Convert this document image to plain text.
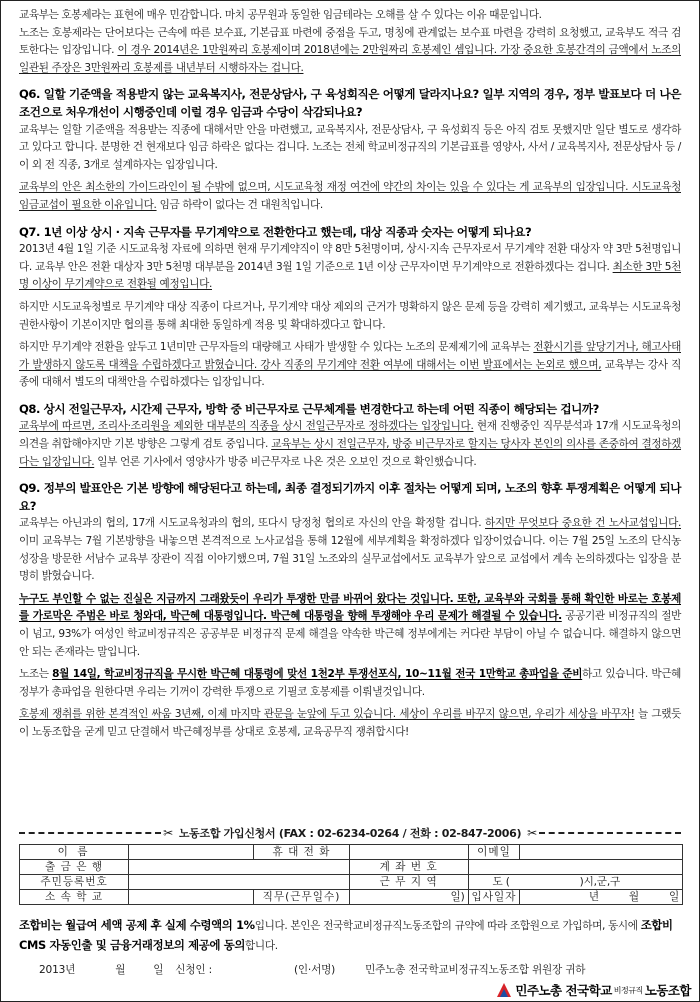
교육부는 호봉제라는 표현에 매우 민감합니다. 마치 공무원과 동일한 임금테라는 오해를 살 수 있다는 이유 때문입니다.
노조는 호봉제라는 단어보다는 근속에 따른 보수표, 기본급표 마련에 중점을 두고, 명칭에 관계없는 보수표 마련을 강력히 요청했고, 교육부도 적극 검토한다는 입장입니다. 이 경우 2014년은 1만원짜리 호봉제이며 2018년에는 2만원짜리 호봉제인 셈입니다. 가장 중요한 호봉간격의 금액에서 노조의 일관된 주장은 3만원짜리 호봉제를 내년부터 시행하자는 겁니다.

Q6. 일할 기준액을 적용받지 않는 교육복지사, 전문상담사, 구 육성회직은 어떻게 달라지나요? 일부 지역의 경우, 정부 발표보다 더 나은 조건으로 처우개선이 시행중인데 이럴 경우 임금과 수당이 삭감되나요?

교육부는 일할 기준액을 적용받는 직종에 대해서만 안을 마련했고, 교육복지사, 전문상담사, 구 육성회직 등은 아직 검토 못했지만 일단 별도로 생각하고 있다고 합니다. 분명한 건 현재보다 임금 하락은 없다는 겁니다. 노조는 전체 학교비정규직의 기본급표를 영양사, 사서 / 교육복지사, 전문상담사 등 / 이 외 전 직종, 3개로 설계하자는 입장입니다.

교육부의 안은 최소한의 가이드라인이 될 수밖에 없으며, 시도교육청 재정 여건에 약간의 차이는 있을 수 있다는 게 교육부의 입장입니다. 시도교육청 임금교섭이 필요한 이유입니다. 임금 하락이 없다는 건 대원칙입니다.

Q7. 1년 이상 상시 · 지속 근무자를 무기계약으로 전환한다고 했는데, 대상 직종과 숫자는 어떻게 되나요?

2013년 4월 1일 기준 시도교육청 자료에 의하면 현재 무기계약직이 약 8만 5천명이며, 상시·지속 근무자로서 무기계약 전환 대상자 약 3만 5천명입니다. 교육부 안은 전환 대상자 3만 5천명 대부분을 2014년 3월 1일 기준으로 1년 이상 근무자이면 무기계약으로 전환하겠다는 겁니다. 최소한 3만 5천명 이상이 무기계약으로 전환될 예정입니다.

하지만 시도교육청별로 무기계약 대상 직종이 다르거나, 무기계약 대상 제외의 근거가 명확하지 않은 문제 등을 강력히 제기했고, 교육부는 시도교육청 권한사항이 기본이지만 협의를 통해 최대한 동일하게 적용 및 확대하겠다고 합니다.

하지만 무기계약 전환을 앞두고 1년미만 근무자들의 대량해고 사태가 발생할 수 있다는 노조의 문제제기에 교육부는 전환시기를 앞당기거나, 해고사태가 발생하지 않도록 대책을 수립하겠다고 밝혔습니다. 강사 직종의 무기계약 전환 여부에 대해서는 이번 발표에서는 논외로 했으며, 교육부는 강사 직종에 대해서 별도의 대책안을 수립하겠다는 입장입니다.

Q8. 상시 전일근무자, 시간제 근무자, 방학 중 비근무자로 근무체계를 변경한다고 하는데 어떤 직종이 해당되는 겁니까?

교육부에 따르면, 조리사·조리원을 제외한 대부분의 직종을 상시 전일근무자로 정하겠다는 입장입니다. 현재 진행중인 직무분석과 17개 시도교육청의 의견을 취합해야지만 기본 방향은 그렇게 검토 중입니다. 교육부는 상시 전일근무자, 방중 비근무자로 할지는 당사자 본인의 의사를 존중하여 결정하겠다는 입장입니다. 일부 언론 기사에서 영양사가 방중 비근무자로 나온 것은 오보인 것으로 확인했습니다.

Q9. 정부의 발표안은 기본 방향에 해당된다고 하는데, 최종 결정되기까지 이후 절차는 어떻게 되며, 노조의 향후 투쟁계획은 어떻게 되나요?

교육부는 아닌과의 협의, 17개 시도교육청과의 협의, 또다시 당정청 협의로 자신의 안을 확정할 겁니다. 하지만 무엇보다 중요한 건 노사교섭입니다. 이미 교육부는 7월 기본방향을 내놓으면 본격적으로 노사교섭을 통해 12월에 세부계획을 확정하겠다 입장이었습니다. 이는 7월 25일 노조의 단식농성장을 방문한 서남수 교육부 장관이 직접 이야기했으며, 7월 31일 노조와의 실무교섭에서도 교육부가 앞으로 교섭에서 계속 논의하겠다는 입장을 분명히 밝혔습니다.

누구도 부인할 수 없는 진실은 지금까지 그래왔듯이 우리가 투쟁한 만큼 바뀌어 왔다는 것입니다. 또한, 교육부와 국회를 통해 확인한 바로는 호봉제를 가로막은 주범은 바로 청와대, 박근혜 대통령입니다. 박근혜 대통령을 향해 투쟁해야 우리 문제가 해결될 수 있습니다. 공공기관 비정규직의 절반이 넘고, 93%가 여성인 학교비정규직은 공공부문 비정규직 문제 해결을 약속한 박근혜 정부에게는 커다란 부담이 아닐 수 없습니다. 해결하지 않으면 안 되는 존재라는 말입니다.

노조는 8월 14일, 학교비정규직을 무시한 박근혜 대통령에 맞선 1천2부 투쟁선포식, 10~11월 전국 1만학교 총파업을 준비하고 있습니다. 박근혜 정부가 총파업을 원한다면 우리는 기꺼이 강력한 투쟁으로 기필코 호봉제를 이뤄낼것입니다.

호봉제 쟁취를 위한 본격적인 싸움 3년째, 이제 마지막 관문을 눈앞에 두고 있습니다. 세상이 우리를 바꾸지 않으면, 우리가 세상을 바꾸자! 늘 그랬듯이 노동조합을 굳게 믿고 단결해서 박근혜정부를 상대로 호봉제, 교육공무직 쟁취합시다!

✂ 노동조합 가입신청서 (FAX : 02-6234-0264 / 전화 : 02-847-2006) ✂
이 름		휴 대 전 화		이메일	
출 금 은 행			계 좌 번 호		
주민등록번호			근 무 지 역	도 ( )시,군,구	
소 속 학 교		직무(근무일수)	일)	입사일자	년 월 일
조합비는 월급여 세액 공제 후 실제 수령액의 1%입니다. 본인은 전국학교비정규직노동조합의 규약에 따라 조합원으로 가입하며, 동시에 조합비 CMS 자동인출 및 금융거래정보의 제공에 동의합니다.
2013년	월	일 신청인 :	(인·서명)	민주노총 전국학교비정규직노동조합 위원장 귀하
민주노총 전국학교 비정규직 노동조합
